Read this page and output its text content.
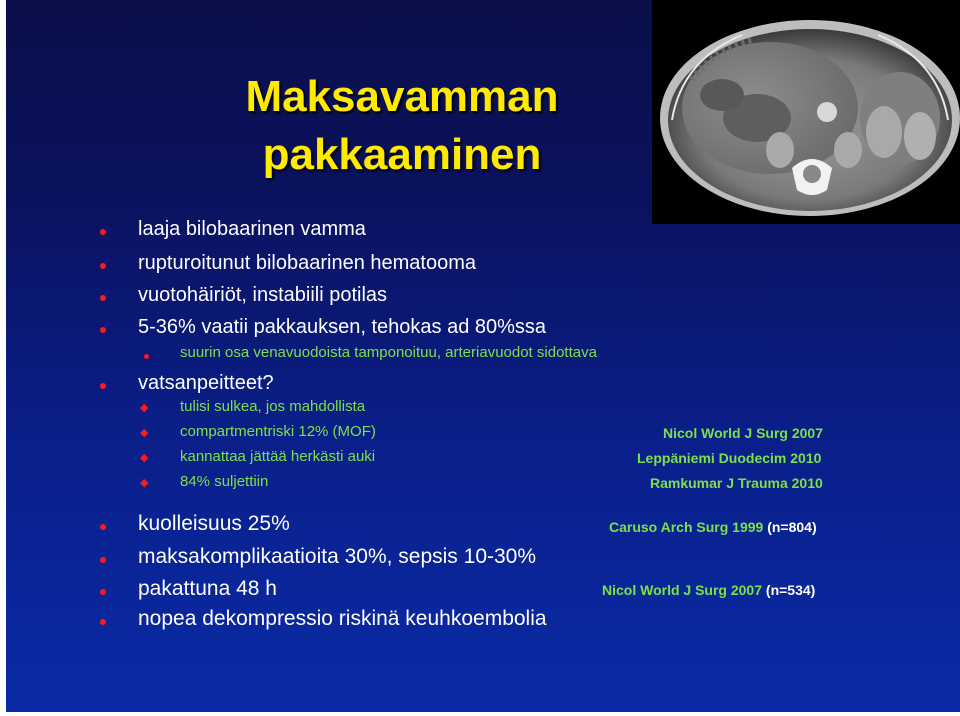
Maksavamman
pakkaaminen
laaja bilobaarinen vamma
rupturoitunut bilobaarinen hematooma
vuotohäiriöt, instabiili potilas
5-36% vaatii pakkauksen, tehokas ad 80%ssa
suurin osa venavuodoista tamponoituu, arteriavuodot sidottava
vatsanpeitteet?
◆ tulisi sulkea, jos mahdollista
◆ compartmentriski 12% (MOF)	Nicol World J Surg 2007
◆ kannattaa jättää herkästi auki	Leppäniemi Duodecim 2010
◆ 84% suljettiin	Ramkumar J Trauma 2010
kuolleisuus 25%	Caruso Arch Surg 1999 (n=804)
maksakomplikaatioita 30%, sepsis 10-30%
pakattuna 48 h	Nicol World J Surg 2007 (n=534)
nopea dekompressio riskinä keuhkoembolia
